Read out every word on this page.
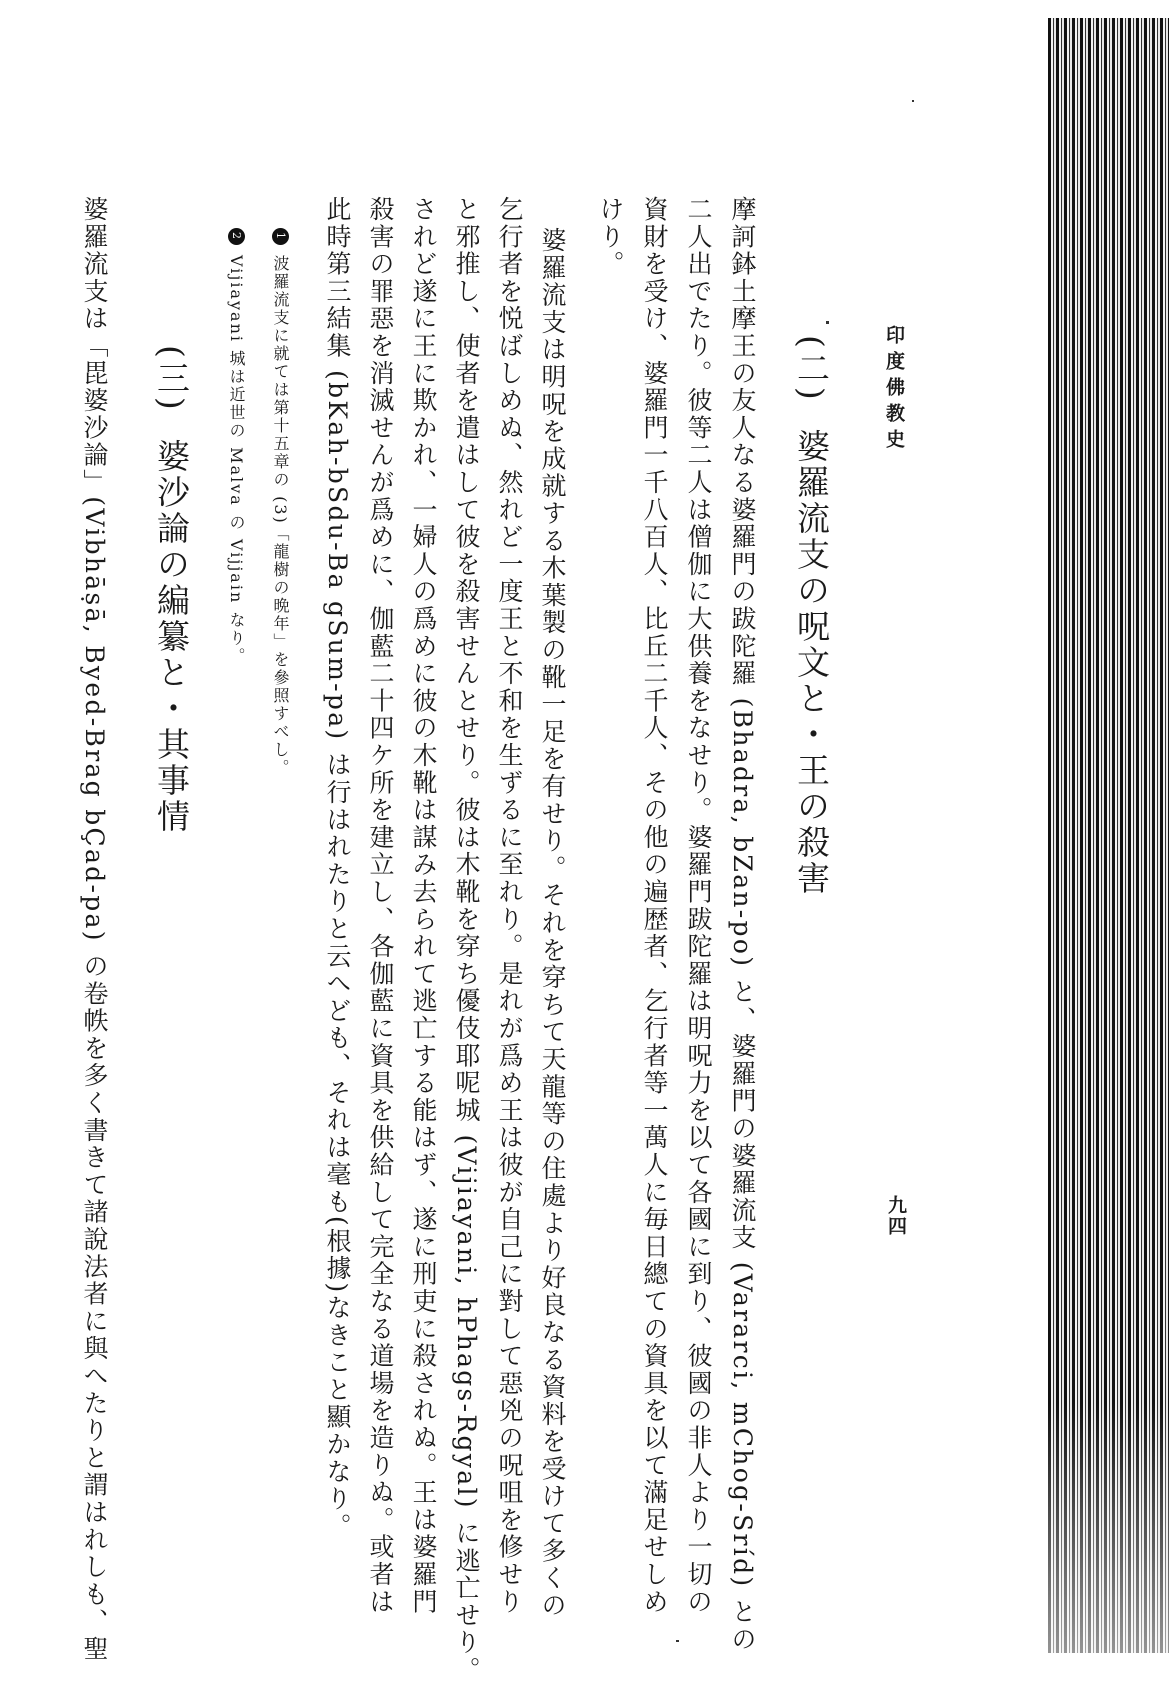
印度佛教史
九四
(二)婆羅流支の呪文と・王の殺害
摩訶鉢土摩王の友人なる婆羅門の跋陀羅 (Bhadra, bZan-po) と、婆羅門の婆羅流支 (Vararci, mChog-Sríd) との
二人出でたり。彼等二人は僧伽に大供養をなせり。婆羅門跋陀羅は明呪力を以て各國に到り、彼國の非人より一切の
資財を受け、婆羅門一千八百人、比丘二千人、その他の遍歴者、乞行者等一萬人に毎日總ての資具を以て滿足せしめ
けり。
婆羅流支は明呪を成就する木葉製の靴一足を有せり。それを穿ちて天龍等の住處より好良なる資料を受けて多くの
乞行者を悦ばしめぬ、然れど一度王と不和を生ずるに至れり。是れが爲め王は彼が自己に對して惡兇の呪咀を修せり
と邪推し、使者を遣はして彼を殺害せんとせり。彼は木靴を穿ち優伎耶呢城 (Vijiayani, hPhags-Rgyal) に逃亡せり。
されど遂に王に欺かれ、一婦人の爲めに彼の木靴は謀み去られて逃亡する能はず、遂に刑吏に殺されぬ。王は婆羅門
殺害の罪惡を消滅せんが爲めに、伽藍二十四ケ所を建立し、各伽藍に資具を供給して完全なる道場を造りぬ。或者は
此時第三結集 (bKah-bSdu-Ba gSum-pa) は行はれたりと云へども、それは毫も(根據)なきこと顯かなり。
1波羅流支に就ては第十五章の (3)「龍樹の晩年」を參照すべし。
2Vijiayani 城は近世の Malva の Vijjain なり。
(三)婆沙論の編纂と・其事情
婆羅流支は「毘婆沙論」(Vibhāṣā, Byed-Brag bÇad-pa) の卷帙を多く書きて諸說法者に與へたりと謂はれしも、聖
